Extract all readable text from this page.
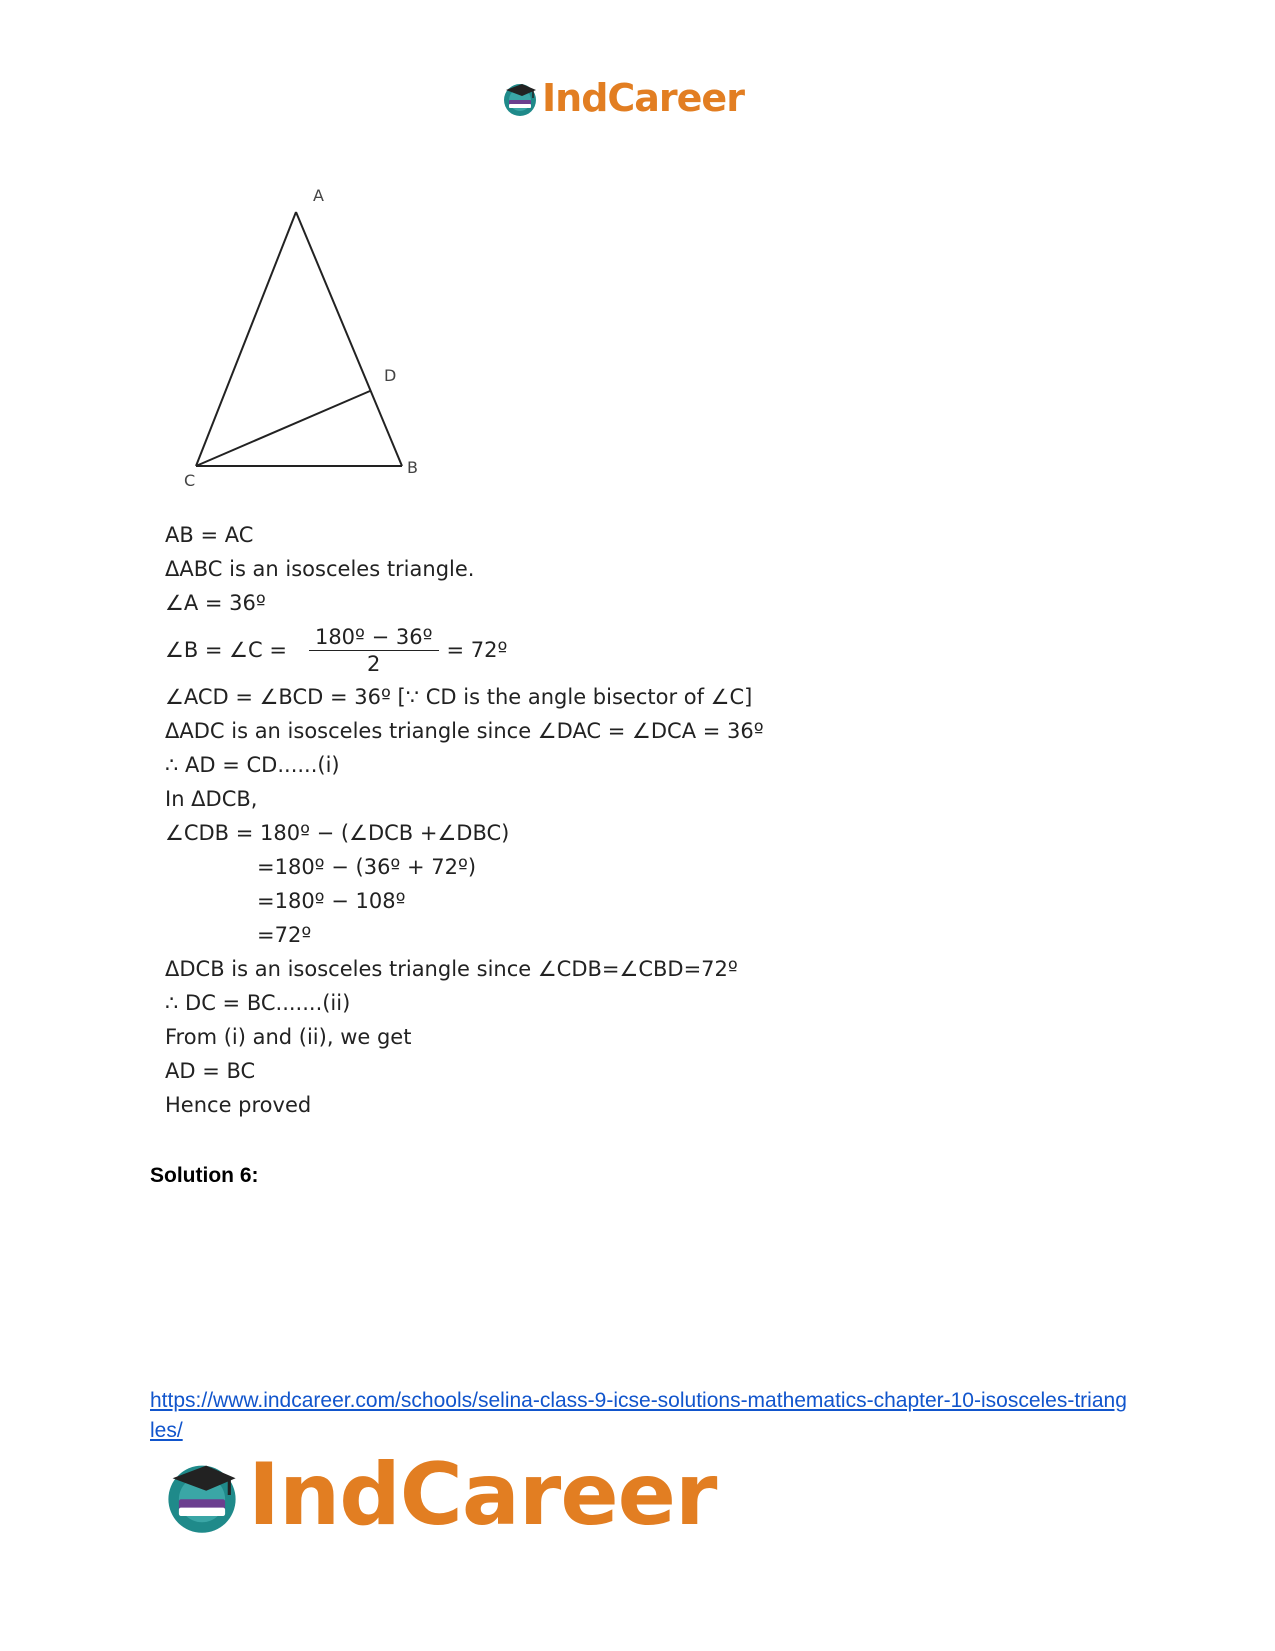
IndCareer
A
D
B
C
AB = AC
ΔABC is an isosceles triangle.
∠A = 36º
∠B = ∠C = $\frac{\text{180º − 36º}}{2}$ = 72º
∠ACD = ∠BCD = 36º [∵ CD is the angle bisector of ∠C]
ΔADC is an isosceles triangle since ∠DAC = ∠DCA = 36º
∴ AD = CD......(i)
In ΔDCB,
∠CDB = 180º − (∠DCB +∠DBC)
=180º − (36º + 72º)
=180º − 108º
=72º
ΔDCB is an isosceles triangle since ∠CDB=∠CBD=72º
∴ DC = BC.......(ii)
From (i) and (ii), we get
AD = BC
Hence proved
Solution 6:
https://www.indcareer.com/schools/selina-class-9-icse-solutions-mathematics-chapter-10-isosceles-triangles/
IndCareer
